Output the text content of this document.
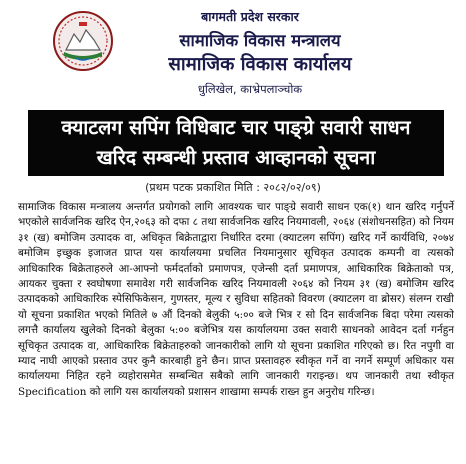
बागमती प्रदेश सरकार
सामाजिक विकास मन्त्रालय
सामाजिक विकास कार्यालय
धुलिखेल, काभ्रेपलाञ्चोक
क्याटलग सपिंग विधिबाट चार पाङ्ग्रे सवारी साधन
खरिद सम्बन्धी प्रस्ताव आव्हानको सूचना
(प्रथम पटक प्रकाशित मिति : २०८२/०२/०९)
सामाजिक विकास मन्त्रालय अन्तर्गत प्रयोगको लागि आवश्यक चार पाङ्ग्रे सवारी साधन एक(१) थान खरिद गर्नुपर्ने भएकोले सार्वजनिक खरिद ऐन,२०६३ को दफा ८ तथा सार्वजनिक खरिद नियमावली, २०६४ (संशोधनसहित) को नियम ३१ (ख) बमोजिम उत्पादक वा, अधिकृत बिक्रेताद्वारा निर्धारित दरमा (क्याटलग सपिंग) खरिद गर्ने कार्यविधि, २०७४ बमोजिम इच्छुक इजाजत प्राप्त यस कार्यालयमा प्रचलित नियमानुसार सूचिकृत उत्पादक कम्पनी वा त्यसको आधिकारिक बिक्रेताहरुले आ-आफ्नो फर्मदर्ताको प्रमाणपत्र, एजेन्सी दर्ता प्रमाणपत्र, आधिकारिक बिक्रेताको पत्र, आयकर चुक्ता र स्वघोषणा समावेश गरी सार्वजनिक खरिद नियमावली २०६४ को नियम ३१ (ख) बमोजिम खरिद उत्पादकको आधिकारिक स्पेसिफिकेसन, गुणस्तर, मूल्य र सुविधा सहितको विवरण (क्याटलग वा ब्रोसर) संलग्न राखी यो सूचना प्रकाशित भएको मितिले ७ औं दिनको बेलुकी ५:०० बजे भित्र र सो दिन सार्वजनिक बिदा परेमा त्यसको लगत्तै कार्यालय खुलेको दिनको बेलुका ५:०० बजेभित्र यस कार्यालयमा उक्त सवारी साधनको आवेदन दर्ता गर्नहुन सूचिकृत उत्पादक वा, आधिकारिक बिक्रेताहरुको जानकारीको लागि यो सूचना प्रकाशित गरिएको छ। रित नपुगी वा म्याद नाघी आएको प्रस्ताव उपर कुनै कारबाही हुने छैन। प्राप्त प्रस्तावहरु स्वीकृत गर्ने वा नगर्ने सम्पूर्ण अधिकार यस कार्यालयमा निहित रहने व्यहोरासमेत सम्बन्धित सबैको लागि जानकारी गराइन्छ। थप जानकारी तथा स्वीकृत Specification को लागि यस कार्यालयको प्रशासन शाखामा सम्पर्क राख्न हुन अनुरोध गरिन्छ।
